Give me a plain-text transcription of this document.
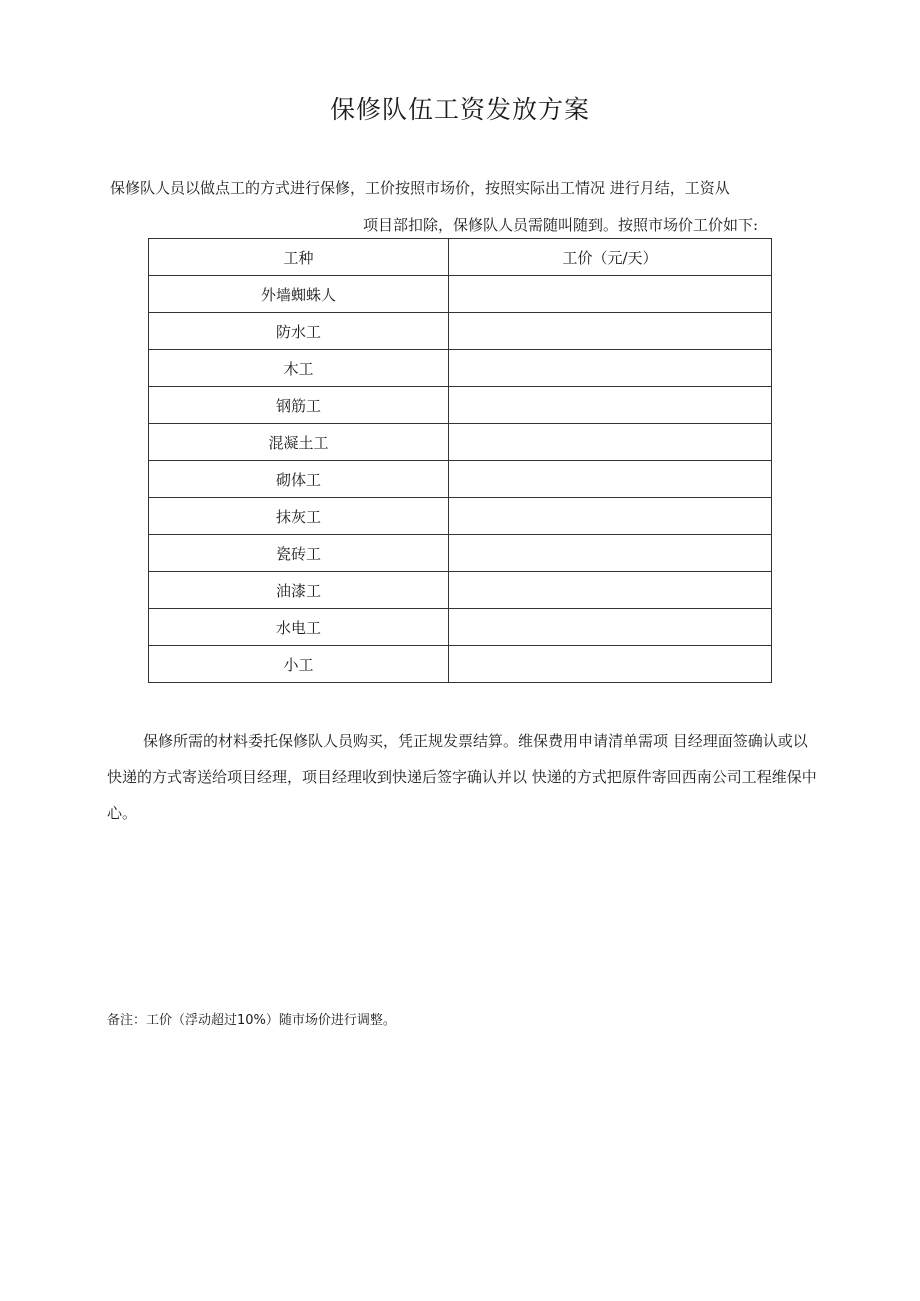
保修队伍工资发放方案
保修队人员以做点工的方式进行保修，工价按照市场价，按照实际出工情况 进行月结，工资从
项目部扣除，保修队人员需随叫随到。按照市场价工价如下:
工种	工价（元/天）
外墙蜘蛛人	
防水工	
木工	
钢筋工	
混凝土工	
砌体工	
抹灰工	
瓷砖工	
油漆工	
水电工	
小工	
保修所需的材料委托保修队人员购买，凭正规发票结算。维保费用申请清单需项 目经理面签确认或以快递的方式寄送给项目经理，项目经理收到快递后签字确认并以 快递的方式把原件寄回西南公司工程维保中心。
备注：工价（浮动超过10%）随市场价进行调整。
